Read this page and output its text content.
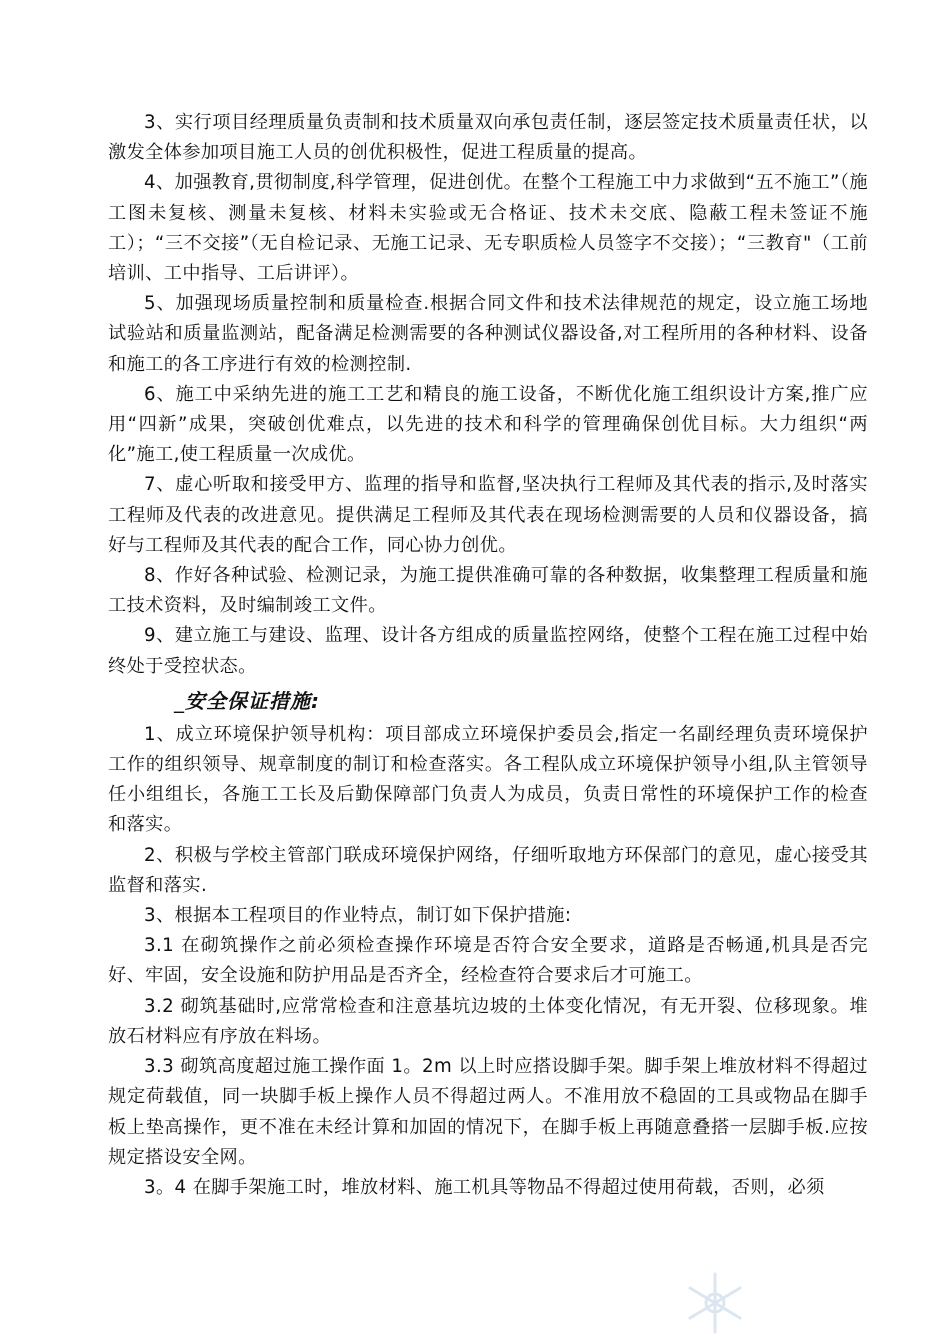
3、实行项目经理质量负责制和技术质量双向承包责任制，逐层签定技术质量责任状，以激发全体参加项目施工人员的创优积极性，促进工程质量的提高。

4、加强教育,贯彻制度,科学管理，促进创优。在整个工程施工中力求做到“五不施工”（施工图未复核、测量未复核、材料未实验或无合格证、技术未交底、隐蔽工程未签证不施工）；“三不交接”（无自检记录、无施工记录、无专职质检人员签字不交接）；“三教育"（工前培训、工中指导、工后讲评）。

5、加强现场质量控制和质量检查.根据合同文件和技术法律规范的规定，设立施工场地试验站和质量监测站，配备满足检测需要的各种测试仪器设备,对工程所用的各种材料、设备和施工的各工序进行有效的检测控制.

6、施工中采纳先进的施工工艺和精良的施工设备，不断优化施工组织设计方案,推广应用“四新”成果，突破创优难点，以先进的技术和科学的管理确保创优目标。大力组织“两化”施工,使工程质量一次成优。

7、虚心听取和接受甲方、监理的指导和监督,坚决执行工程师及其代表的指示,及时落实工程师及代表的改进意见。提供满足工程师及其代表在现场检测需要的人员和仪器设备，搞好与工程师及其代表的配合工作，同心协力创优。

8、作好各种试验、检测记录，为施工提供准确可靠的各种数据，收集整理工程质量和施工技术资料，及时编制竣工文件。

9、建立施工与建设、监理、设计各方组成的质量监控网络，使整个工程在施工过程中始终处于受控状态。

_安全保证措施:

1、成立环境保护领导机构：项目部成立环境保护委员会,指定一名副经理负责环境保护工作的组织领导、规章制度的制订和检查落实。各工程队成立环境保护领导小组,队主管领导任小组组长，各施工工长及后勤保障部门负责人为成员，负责日常性的环境保护工作的检查和落实。

2、积极与学校主管部门联成环境保护网络，仔细听取地方环保部门的意见，虚心接受其监督和落实.

3、根据本工程项目的作业特点，制订如下保护措施:

3.1 在砌筑操作之前必须检查操作环境是否符合安全要求，道路是否畅通,机具是否完好、牢固，安全设施和防护用品是否齐全，经检查符合要求后才可施工。

3.2 砌筑基础时,应常常检查和注意基坑边坡的土体变化情况，有无开裂、位移现象。堆放石材料应有序放在料场。

3.3 砌筑高度超过施工操作面 1。2m 以上时应搭设脚手架。脚手架上堆放材料不得超过规定荷载值，同一块脚手板上操作人员不得超过两人。不准用放不稳固的工具或物品在脚手板上垫高操作，更不准在未经计算和加固的情况下，在脚手板上再随意叠搭一层脚手板.应按规定搭设安全网。

3。4 在脚手架施工时，堆放材料、施工机具等物品不得超过使用荷载，否则，必须
